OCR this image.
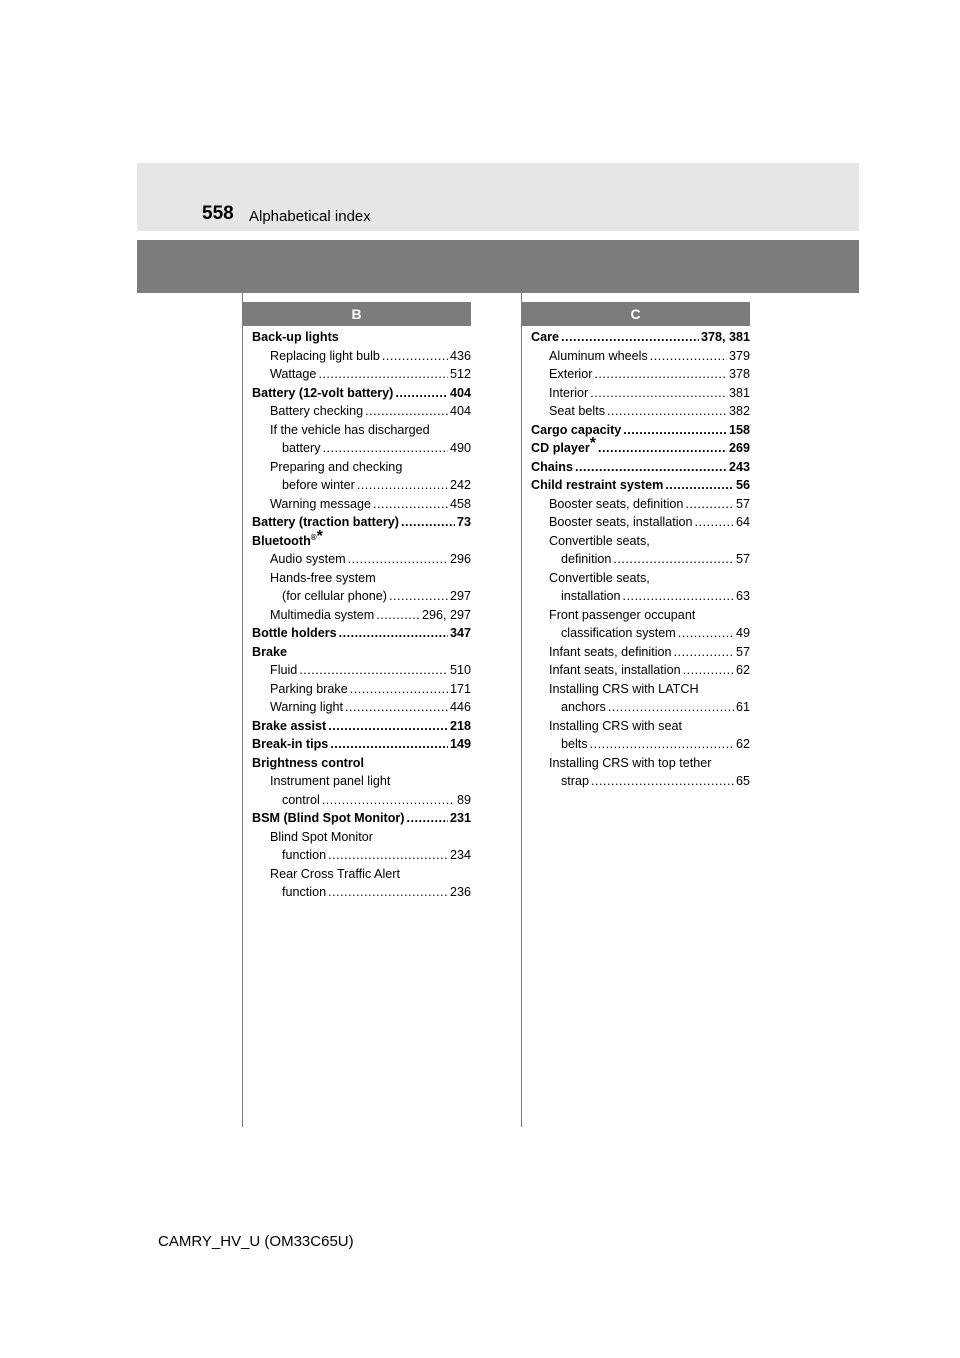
558 Alphabetical index
B	C
Back-up lights
Replacing light bulb .....	436
Wattage .....	512
Battery (12-volt battery) .....	404
Battery checking .....	404
If the vehicle has discharged
battery .....	490
Preparing and checking
before winter .....	242
Warning message .....	458
Battery (traction battery) .....	73
Bluetooth®*
Audio system .....	296
Hands-free system
(for cellular phone) .....	297
Multimedia system .....	296, 297
Bottle holders .....	347
Brake
Fluid .....	510
Parking brake .....	171
Warning light .....	446
Brake assist .....	218
Break-in tips .....	149
Brightness control
Instrument panel light
control .....	89
BSM (Blind Spot Monitor) .....	231
Blind Spot Monitor
function .....	234
Rear Cross Traffic Alert
function .....	236
Care .....	378, 381
Aluminum wheels .....	379
Exterior .....	378
Interior .....	381
Seat belts .....	382
Cargo capacity .....	158
CD player* .....	269
Chains .....	243
Child restraint system .....	56
Booster seats, definition .....	57
Booster seats, installation .....	64
Convertible seats,
definition .....	57
Convertible seats,
installation .....	63
Front passenger occupant
classification system .....	49
Infant seats, definition .....	57
Infant seats, installation .....	62
Installing CRS with LATCH
anchors .....	61
Installing CRS with seat
belts .....	62
Installing CRS with top tether
strap .....	65
CAMRY_HV_U (OM33C65U)
